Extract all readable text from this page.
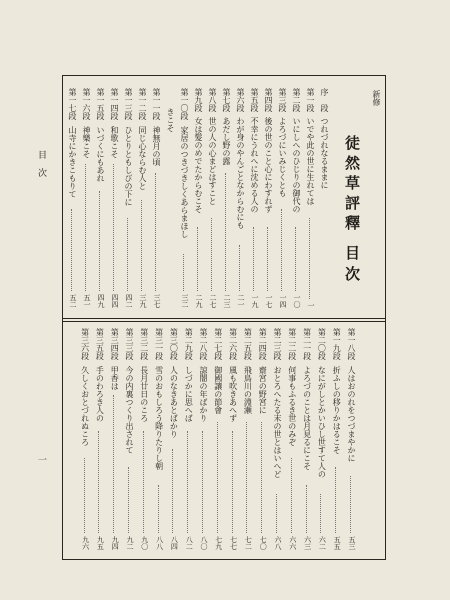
新修
徒然草評釋
目次
序　段
つれづれなるままに
第一段
いでや此の世に生れては
一
第二段
いにしへのひじりの御代の
一〇
第三段
よろづにいみじくとも
一四
第四段
後の世のこと心にわすれず
一七
第五段
不幸にうれへに沈める人の
一九
第六段
わが身のやんごとなからむにも
二一
第七段
あだし野の露
二三
第八段
世の人の心まどはすこと
二七
第九段
女は髪のめでたからむこそ
二九
第一〇段
家居のつきづきしくあらまほし
三二
きこそ
第一一段
神無月の頃
三七
第一二段
同じ心ならむ人と
三九
第一三段
ひとりともしびの下に
四二
第一四段
和歌こそ
四四
第一五段
いづくにもあれ
四九
第一六段
神樂こそ
五一
第一七段
山寺にかきこもりて
五二
第一八段
人はおのれをつづまやかに
五三
第一九段
折ふしの移りかはるこそ
五五
第二〇段
なにがしとかいひし世すて人の
六二
第二一段
よろづのことは月見るにこそ
六三
第二二段
何事もふるき世のみぞ
六六
第二三段
おとろへたる末の世とはいへど
六八
第二四段
齋宮の野宮に
七〇
第二五段
飛鳥川の淵瀬
七二
第二六段
風も吹きあへず
七七
第二七段
御國讓の節會
七九
第二八段
諒闇の年ばかり
八〇
第二九段
しづかに思へば
八二
第三〇段
人のなきあとばかり
八四
第三一段
雪のおもしろう降りたりし朝
八八
第三二段
長月廿日のころ
九〇
第三三段
今の内裏つくり出されて
九二
第三四段
甲香は
九四
第三五段
手のわろき人の
九五
第三六段
久しくおとづれぬころ
九六
目　次
一
